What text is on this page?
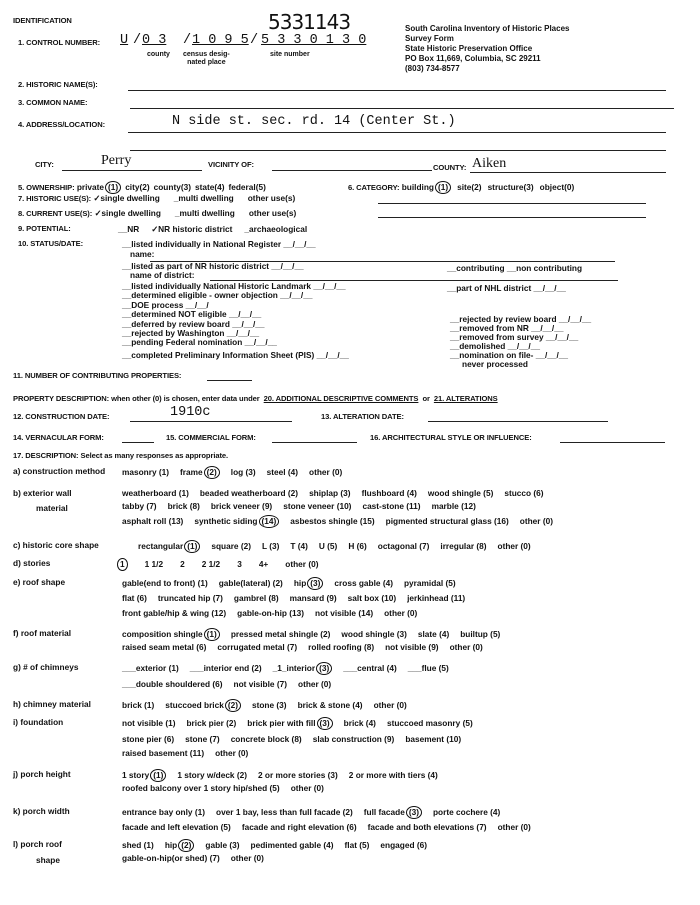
IDENTIFICATION	5331143
1. CONTROL NUMBER: U / 0 3 / 1 0 9 5 / 5 3 3 0 1 3 0
county census desig-
nated place
site number
South Carolina Inventory of Historic Places
Survey Form
State Historic Preservation Office
PO Box 11,669, Columbia, SC 29211
(803) 734-8577
2. HISTORIC NAME(S):
3. COMMON NAME:
4. ADDRESS/LOCATION:	N side st. sec. rd. 14 (Center St.)
CITY:	Perry	VICINITY OF:	COUNTY: Aiken
5. OWNERSHIP: private (1) city(2) county(3) state(4) federal(5)	6. CATEGORY: building (1) site(2) structure(3) object(0)
7. HISTORIC USE(S): ✓single dwelling _multi dwelling other use(s)
8. CURRENT USE(S): ✓single dwelling _multi dwelling other use(s)
9. POTENTIAL:	__NR ✓NR historic district _archaeological
10. STATUS/DATE:	__listed individually in National Register __/__/__
name:
__listed as part of NR historic district __/__/__
name of district:
__listed individually National Historic Landmark __/__/__
__determined eligible - owner objection __/__/__
__DOE process __/__/
__determined NOT eligible __/__/__
__deferred by review board __/__/__
__rejected by Washington __/__/__
__pending Federal nomination __/__/__
__completed Preliminary Information Sheet (PIS) __/__/__
__contributing __non contributing
__part of NHL district __/__/__
__rejected by review board __/__/__
__removed from NR __/__/__
__removed from survey __/__/__
__demolished __/__/__
__nomination on file- __/__/__
never processed
11. NUMBER OF CONTRIBUTING PROPERTIES:
PROPERTY DESCRIPTION: when other (0) is chosen, enter data under 20. ADDITIONAL DESCRIPTIVE COMMENTS or 21. ALTERATIONS
12. CONSTRUCTION DATE:	1910c	13. ALTERATION DATE:
14. VERNACULAR FORM:	15. COMMERCIAL FORM:	16. ARCHITECTURAL STYLE OR INFLUENCE:
17. DESCRIPTION: Select as many responses as appropriate.
a) construction method masonry (1) frame (2) log (3) steel (4) other (0)
b) exterior wall
material
weatherboard (1) beaded weatherboard (2) shiplap (3) flushboard (4) wood shingle (5) stucco (6)
tabby (7) brick (8) brick veneer (9) stone veneer (10) cast-stone (11) marble (12)
asphalt roll (13) synthetic siding (14) asbestos shingle (15) pigmented structural glass (16) other (0)
c) historic core shape	rectangular (1) square (2) L (3) T (4) U (5) H (6) octagonal (7) irregular (8) other (0)
d) stories	1 1 1/2 2 2 1/2 3 4+ other (0)
e) roof shape	gable(end to front) (1) gable(lateral) (2) hip (3) cross gable (4) pyramidal (5)
flat (6) truncated hip (7) gambrel (8) mansard (9) salt box (10) jerkinhead (11)
front gable/hip & wing (12) gable-on-hip (13) not visible (14) other (0)
f) roof material	composition shingle (1) pressed metal shingle (2) wood shingle (3) slate (4) builtup (5)
raised seam metal (6) corrugated metal (7) rolled roofing (8) not visible (9) other (0)
g) # of chimneys	___exterior (1) ___interior end (2) _1_interior (3) ___central (4) ___flue (5)
___double shouldered (6) not visible (7) other (0)
h) chimney material	brick (1) stuccoed brick (2) stone (3) brick & stone (4) other (0)
i) foundation	not visible (1) brick pier (2) brick pier with fill (3) brick (4) stuccoed masonry (5)
stone pier (6) stone (7) concrete block (8) slab construction (9) basement (10)
raised basement (11) other (0)
j) porch height	1 story (1) 1 story w/deck (2) 2 or more stories (3) 2 or more with tiers (4)
roofed balcony over 1 story hip/shed (5) other (0)
k) porch width	entrance bay only (1) over 1 bay, less than full facade (2) full facade (3) porte cochere (4)
facade and left elevation (5) facade and right elevation (6) facade and both elevations (7) other (0)
l) porch roof
shape
shed (1) hip (2) gable (3) pedimented gable (4) flat (5) engaged (6)
gable-on-hip(or shed) (7) other (0)
